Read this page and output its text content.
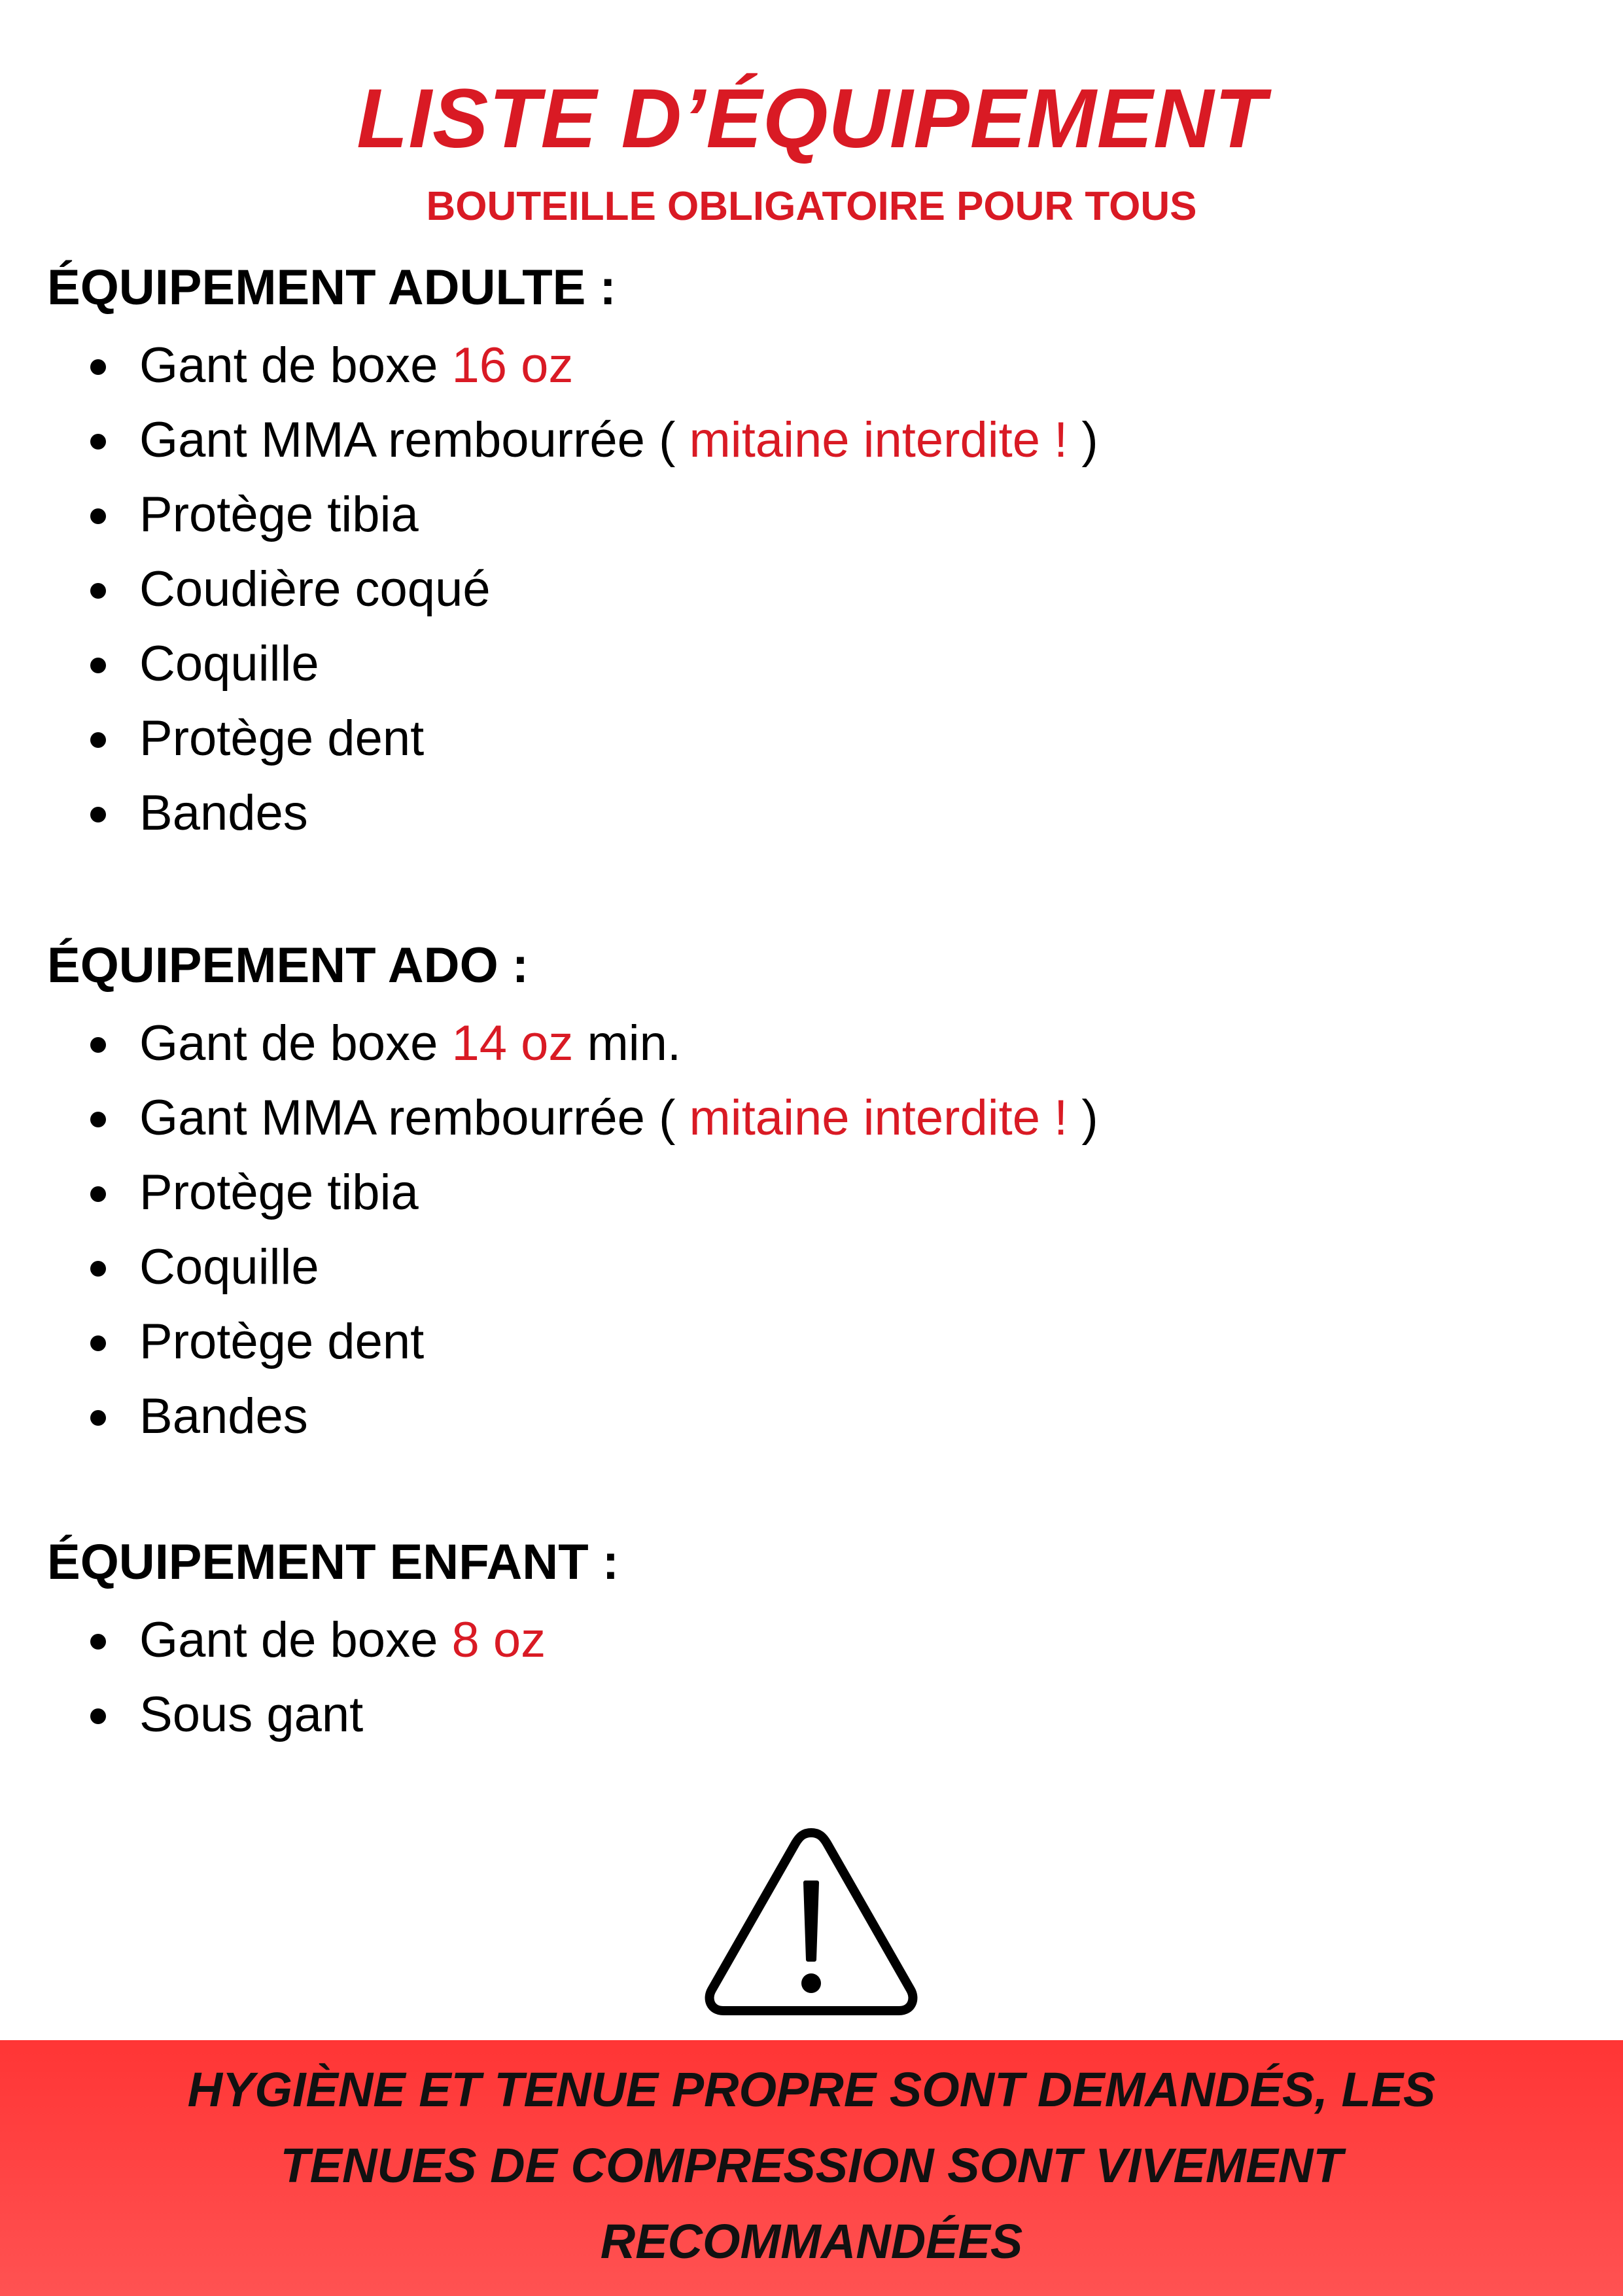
LISTE D’ÉQUIPEMENT
BOUTEILLE OBLIGATOIRE POUR TOUS
ÉQUIPEMENT ADULTE :
Gant de boxe 16 oz
Gant MMA rembourrée ( mitaine interdite ! )
Protège tibia
Coudière coqué
Coquille
Protège dent
Bandes
ÉQUIPEMENT ADO :
Gant de boxe 14 oz min.
Gant MMA rembourrée ( mitaine interdite ! )
Protège tibia
Coquille
Protège dent
Bandes
ÉQUIPEMENT ENFANT :
Gant de boxe 8 oz
Sous gant
HYGIÈNE ET TENUE PROPRE SONT DEMANDÉS, LES
TENUES DE COMPRESSION SONT VIVEMENT
RECOMMANDÉES
